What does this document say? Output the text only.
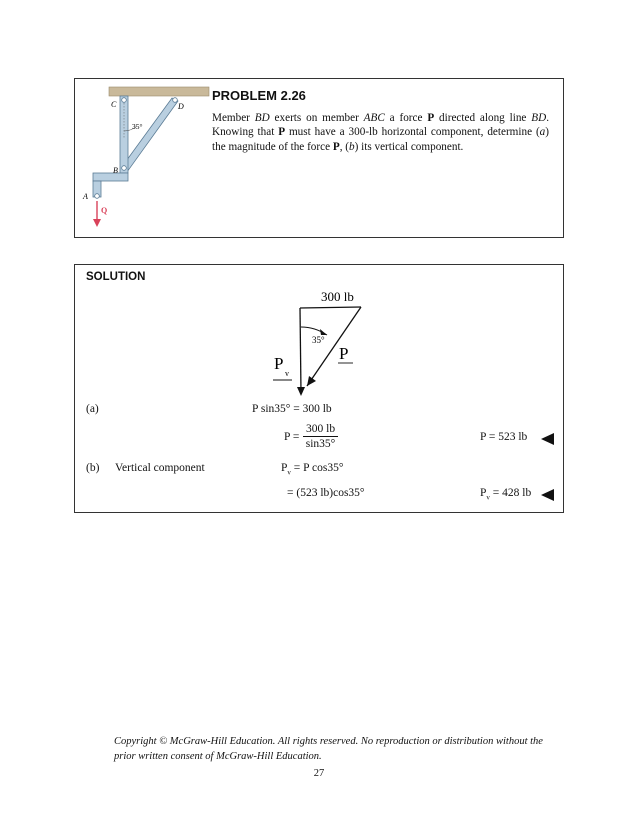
C	D
35°
B
A
Q
PROBLEM 2.26
Member BD exerts on member ABC a force P directed along line BD. Knowing that P must have a 300-lb horizontal component, determine (a) the magnitude of the force P, (b) its vertical component.
SOLUTION
300 lb
35°
P
P
v
(a)	P sin35° = 300 lb
$P = \frac{300 lb}{\sin 35^\circ}$	P = 523 lb
(b) Vertical component	$P_v = P$ cos35°
= (523 lb)cos35°	$P_v = 428$ lb
Copyright © McGraw-Hill Education. All rights reserved. No reproduction or distribution without the prior written consent of McGraw-Hill Education.
27
